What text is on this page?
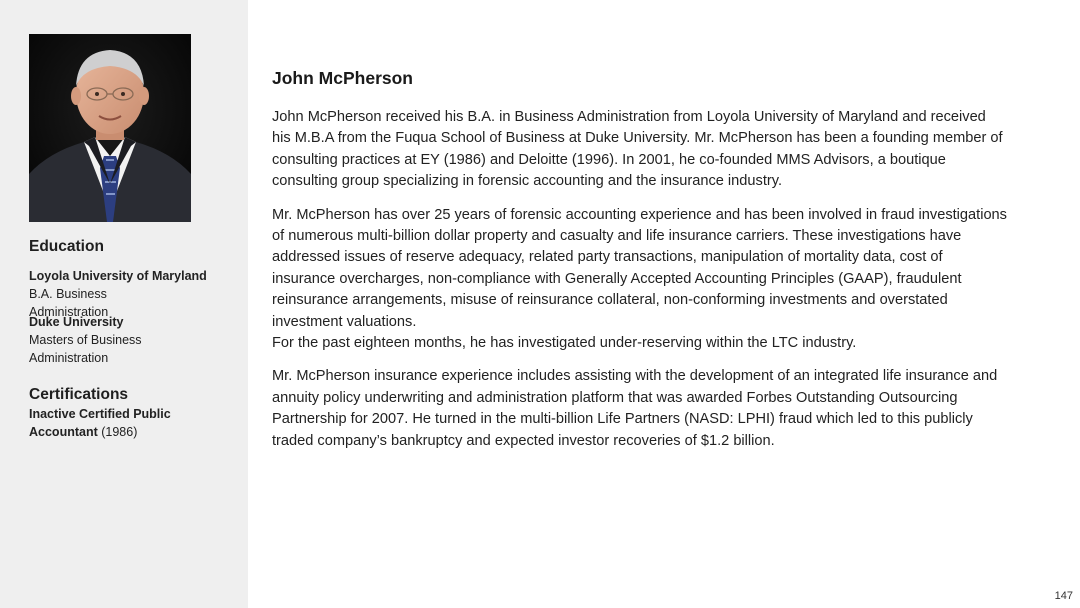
Education
Loyola University of Maryland
B.A. Business Administration
Duke University
Masters of Business Administration
Certifications
Inactive Certified Public Accountant (1986)
John McPherson

John McPherson received his B.A. in Business Administration from Loyola University of Maryland and received his M.B.A from the Fuqua School of Business at Duke University. Mr. McPherson has been a founding member of consulting practices at EY (1986) and Deloitte (1996). In 2001, he co-founded MMS Advisors, a boutique consulting group specializing in forensic accounting and the insurance industry.

Mr. McPherson has over 25 years of forensic accounting experience and has been involved in fraud investigations of numerous multi-billion dollar property and casualty and life insurance carriers. These investigations have addressed issues of reserve adequacy, related party transactions, manipulation of mortality data, cost of insurance overcharges, non-compliance with Generally Accepted Accounting Principles (GAAP), fraudulent reinsurance arrangements, misuse of reinsurance collateral, non-conforming investments and overstated investment valuations.

For the past eighteen months, he has investigated under-reserving within the LTC industry.

Mr. McPherson insurance experience includes assisting with the development of an integrated life insurance and annuity policy underwriting and administration platform that was awarded Forbes Outstanding Outsourcing Partnership for 2007. He turned in the multi-billion Life Partners (NASD: LPHI) fraud which led to this publicly traded company’s bankruptcy and expected investor recoveries of $1.2 billion.

147
